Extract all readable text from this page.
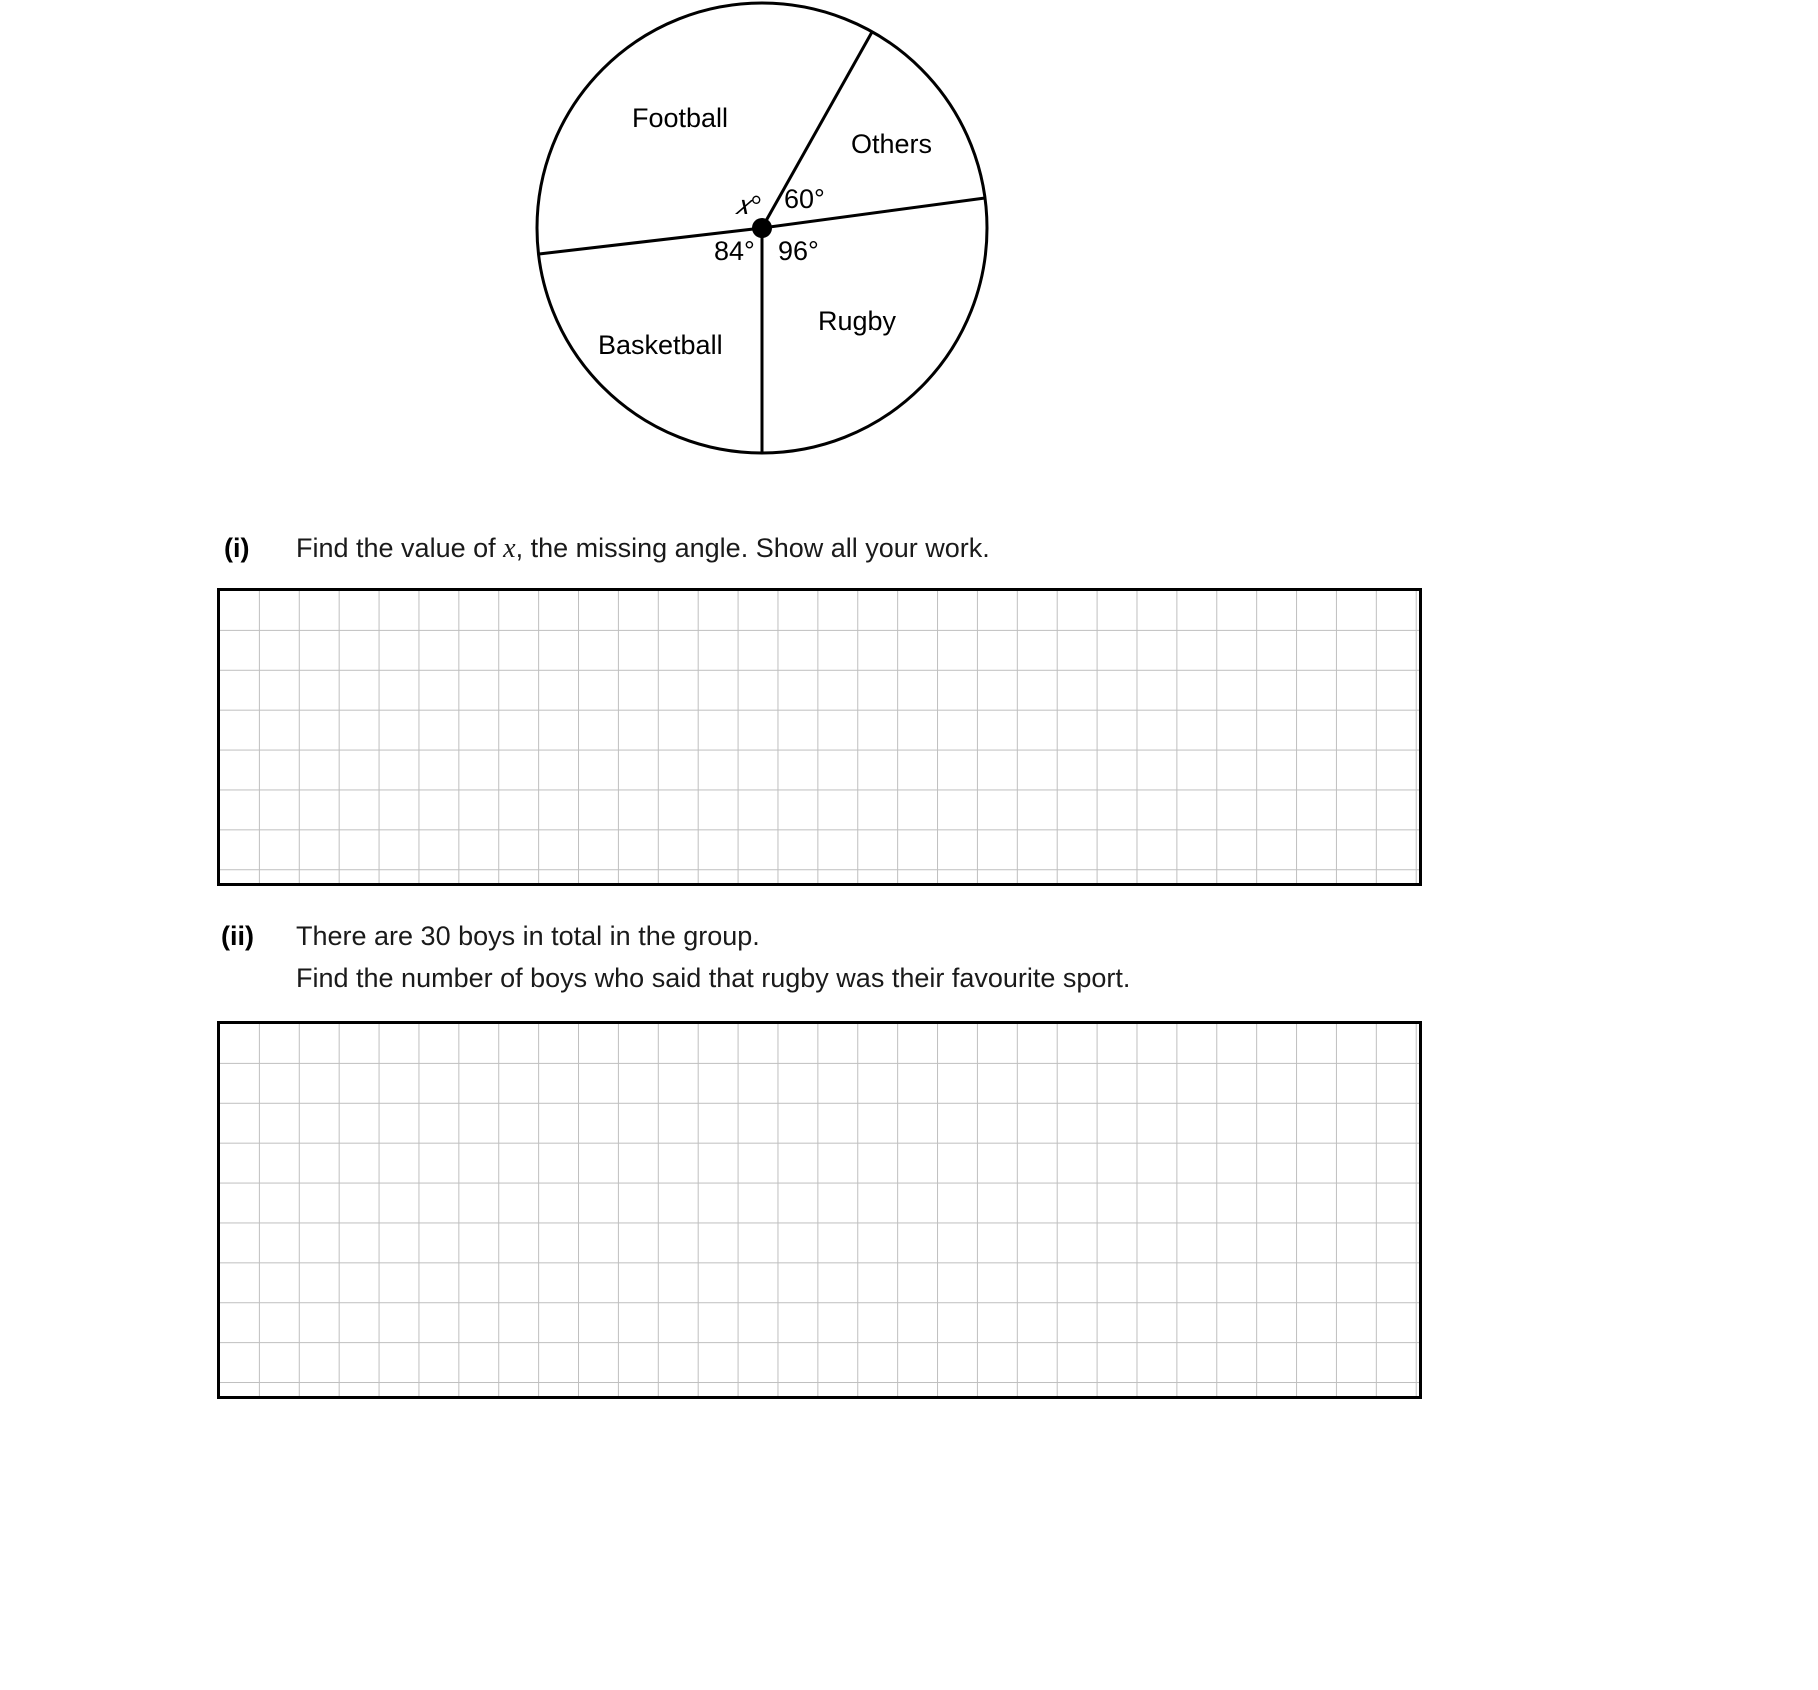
Football
Others
Rugby
Basketball
𝑥° 60°
84° 96°
(i) Find the value of x, the missing angle. Show all your work.
(ii) There are 30 boys in total in the group.
Find the number of boys who said that rugby was their favourite sport.
